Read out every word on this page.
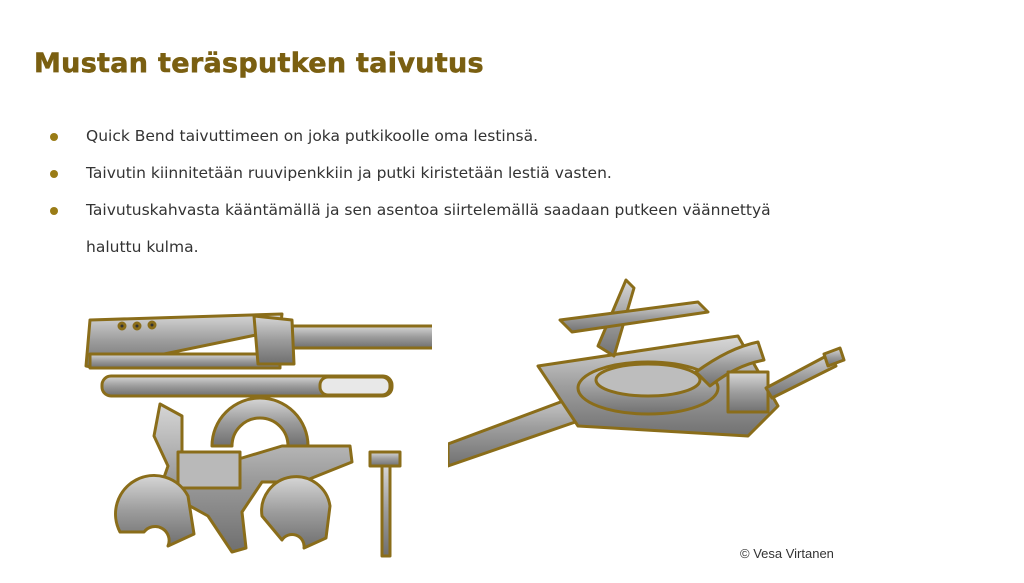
Mustan teräsputken taivutus
Quick Bend taivuttimeen on joka putkikoolle oma lestinsä.
Taivutin kiinnitetään ruuvipenkkiin ja putki kiristetään lestiä vasten.
Taivutuskahvasta kääntämällä ja sen asentoa siirtelemällä saadaan putkeen väännettyä haluttu kulma.
© Vesa Virtanen
